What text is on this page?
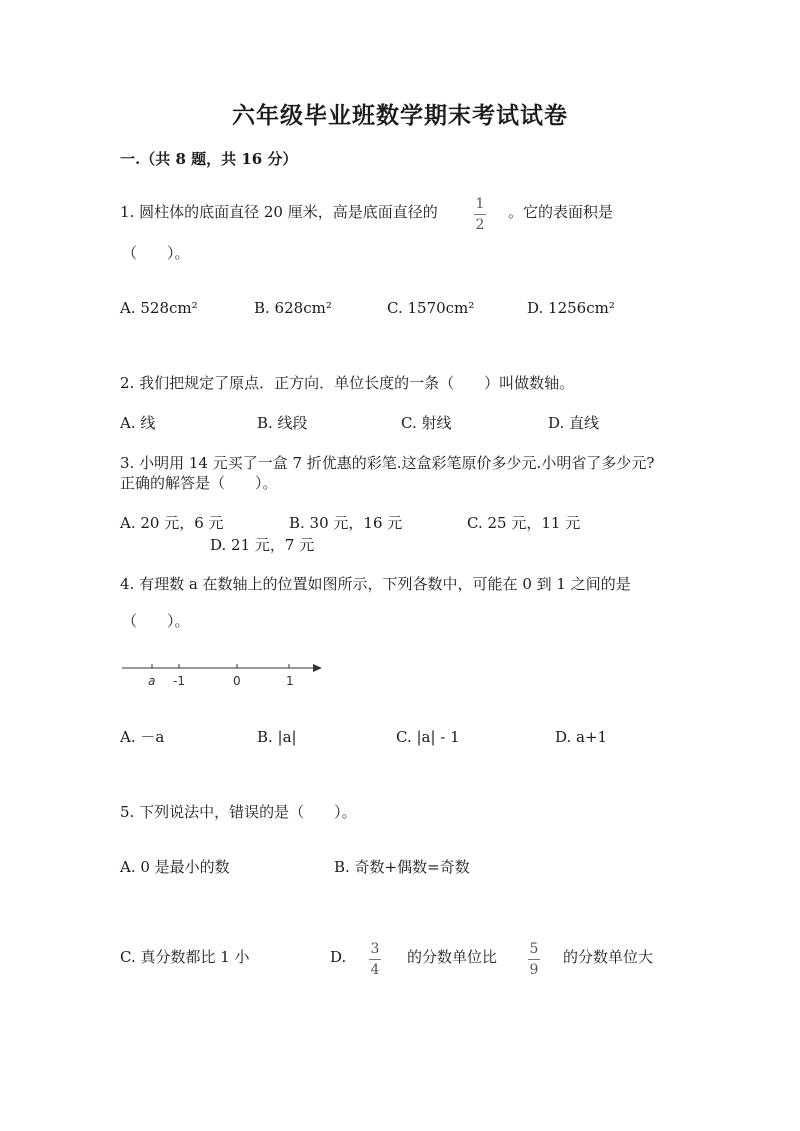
六年级毕业班数学期末考试试卷
一.（共 8 题，共 16 分）
1. 圆柱体的底面直径 20 厘米，高是底面直径的	1
2
。它的表面积是
（　　）。
A. 528cm²	B. 628cm²	C. 1570cm²	D. 1256cm²
2. 我们把规定了原点．正方向．单位长度的一条（　　）叫做数轴。
A. 线	B. 线段	C. 射线	D. 直线
3. 小明用 14 元买了一盒 7 折优惠的彩笔.这盒彩笔原价多少元.小明省了多少元?
正确的解答是（　　）。
A. 20 元，6 元	B. 30 元，16 元	C. 25 元，11 元
D. 21 元，7 元
4. 有理数 a 在数轴上的位置如图所示，下列各数中，可能在 0 到 1 之间的是
（　　）。
a -1	0	1
A. －a	B. |a|	C. |a| - 1	D. a+1
5. 下列说法中，错误的是（　　）。
A. 0 是最小的数	B. 奇数+偶数=奇数
C. 真分数都比 1 小	D. 3
4
的分数单位比 5
9
的分数单位大
